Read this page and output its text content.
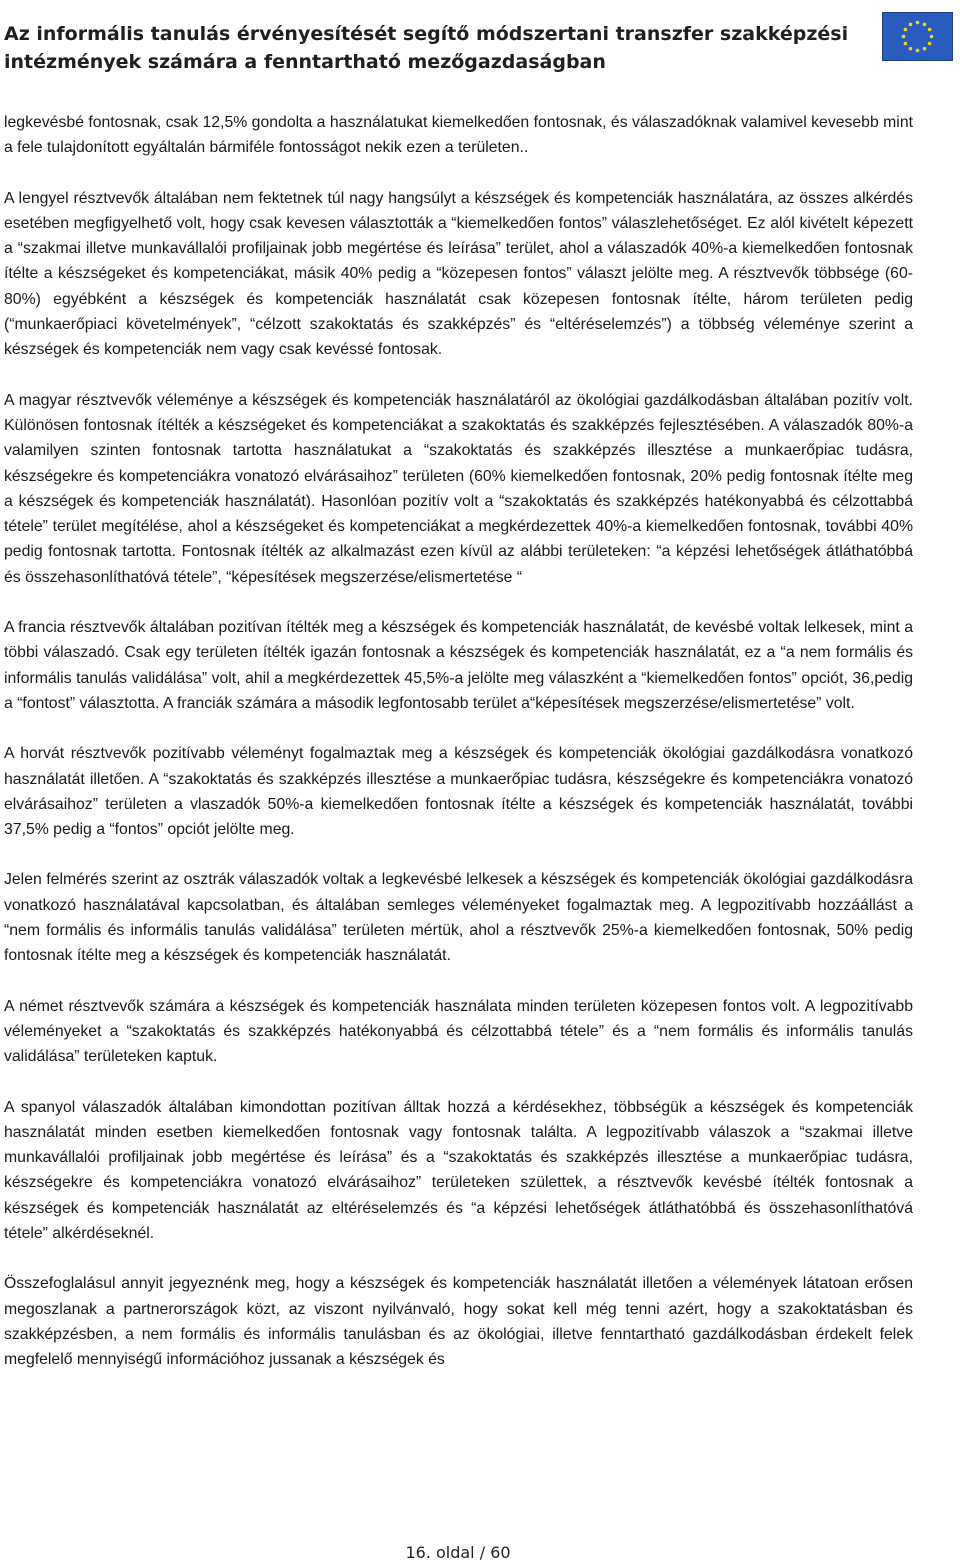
Az informális tanulás érvényesítését segítő módszertani transzfer szakképzési
intézmények számára a fenntartható mezőgazdaságban

legkevésbé fontosnak, csak 12,5% gondolta a használatukat kiemelkedően fontosnak, és válaszadóknak valamivel kevesebb mint a fele tulajdonított egyáltalán bármiféle fontosságot nekik ezen a területen..

A lengyel résztvevők általában nem fektetnek túl nagy hangsúlyt a készségek és kompetenciák használatára, az összes alkérdés esetében megfigyelhető volt, hogy csak kevesen választották a “kiemelkedően fontos” válaszlehetőséget. Ez alól kivételt képezett a “szakmai illetve munkavállalói profiljainak jobb megértése és leírása” terület, ahol a válaszadók 40%-a kiemelkedően fontosnak ítélte a készségeket és kompetenciákat, másik 40% pedig a “közepesen fontos” választ jelölte meg. A résztvevők többsége (60-80%) egyébként a készségek és kompetenciák használatát csak közepesen fontosnak ítélte, három területen pedig (“munkaerőpiaci követelmények”, “célzott szakoktatás és szakképzés” és “eltéréselemzés”) a többség véleménye szerint a készségek és kompetenciák nem vagy csak kevéssé fontosak.

A magyar résztvevők véleménye a készségek és kompetenciák használatáról az ökológiai gazdálkodásban általában pozitív volt. Különösen fontosnak ítélték a készségeket és kompetenciákat a szakoktatás és szakképzés fejlesztésében. A válaszadók 80%-a valamilyen szinten fontosnak tartotta használatukat a “szakoktatás és szakképzés illesztése a munkaerőpiac tudásra, készségekre és kompetenciákra vonatozó elvárásaihoz” területen (60% kiemelkedően fontosnak, 20% pedig fontosnak ítélte meg a készségek és kompetenciák használatát). Hasonlóan pozitív volt a “szakoktatás és szakképzés hatékonyabbá és célzottabbá tétele” terület megítélése, ahol a készségeket és kompetenciákat a megkérdezettek 40%-a kiemelkedően fontosnak, további 40% pedig fontosnak tartotta. Fontosnak ítélték az alkalmazást ezen kívül az alábbi területeken: “a képzési lehetőségek átláthatóbbá és összehasonlíthatóvá tétele”, “képesítések megszerzése/elismertetése “

A francia résztvevők általában pozitívan ítélték meg a készségek és kompetenciák használatát, de kevésbé voltak lelkesek, mint a többi válaszadó. Csak egy területen ítélték igazán fontosnak a készségek és kompetenciák használatát, ez a “a nem formális és informális tanulás validálása” volt, ahil a megkérdezettek 45,5%-a jelölte meg válaszként a “kiemelkedően fontos” opciót, 36,pedig a “fontost” választotta. A franciák számára a második legfontosabb terület a“képesítések megszerzése/elismertetése” volt.

A horvát résztvevők pozitívabb véleményt fogalmaztak meg a készségek és kompetenciák ökológiai gazdálkodásra vonatkozó használatát illetően. A “szakoktatás és szakképzés illesztése a munkaerőpiac tudásra, készségekre és kompetenciákra vonatozó elvárásaihoz” területen a vlaszadók 50%-a kiemelkedően fontosnak ítélte a készségek és kompetenciák használatát, további 37,5% pedig a “fontos” opciót jelölte meg.

Jelen felmérés szerint az osztrák válaszadók voltak a legkevésbé lelkesek a készségek és kompetenciák ökológiai gazdálkodásra vonatkozó használatával kapcsolatban, és általában semleges véleményeket fogalmaztak meg. A legpozitívabb hozzáállást a “nem formális és informális tanulás validálása” területen mértük, ahol a résztvevők 25%-a kiemelkedően fontosnak, 50% pedig fontosnak ítélte meg a készségek és kompetenciák használatát.

A német résztvevők számára a készségek és kompetenciák használata minden területen közepesen fontos volt. A legpozitívabb véleményeket a “szakoktatás és szakképzés hatékonyabbá és célzottabbá tétele” és a “nem formális és informális tanulás validálása” területeken kaptuk.

A spanyol válaszadók általában kimondottan pozitívan álltak hozzá a kérdésekhez, többségük a készségek és kompetenciák használatát minden esetben kiemelkedően fontosnak vagy fontosnak találta. A legpozitívabb válaszok a “szakmai illetve munkavállalói profiljainak jobb megértése és leírása” és a “szakoktatás és szakképzés illesztése a munkaerőpiac tudásra, készségekre és kompetenciákra vonatozó elvárásaihoz” területeken születtek, a résztvevők kevésbé ítélték fontosnak a készségek és kompetenciák használatát az eltéréselemzés és “a képzési lehetőségek átláthatóbbá és összehasonlíthatóvá tétele” alkérdéseknél.

Összefoglalásul annyit jegyeznénk meg, hogy a készségek és kompetenciák használatát illetően a vélemények látatoan erősen megoszlanak a partnerországok közt, az viszont nyilvánvaló, hogy sokat kell még tenni azért, hogy a szakoktatásban és szakképzésben, a nem formális és informális tanulásban és az ökológiai, illetve fenntartható gazdálkodásban érdekelt felek megfelelő mennyiségű információhoz jussanak a készségek és

16. oldal / 60
